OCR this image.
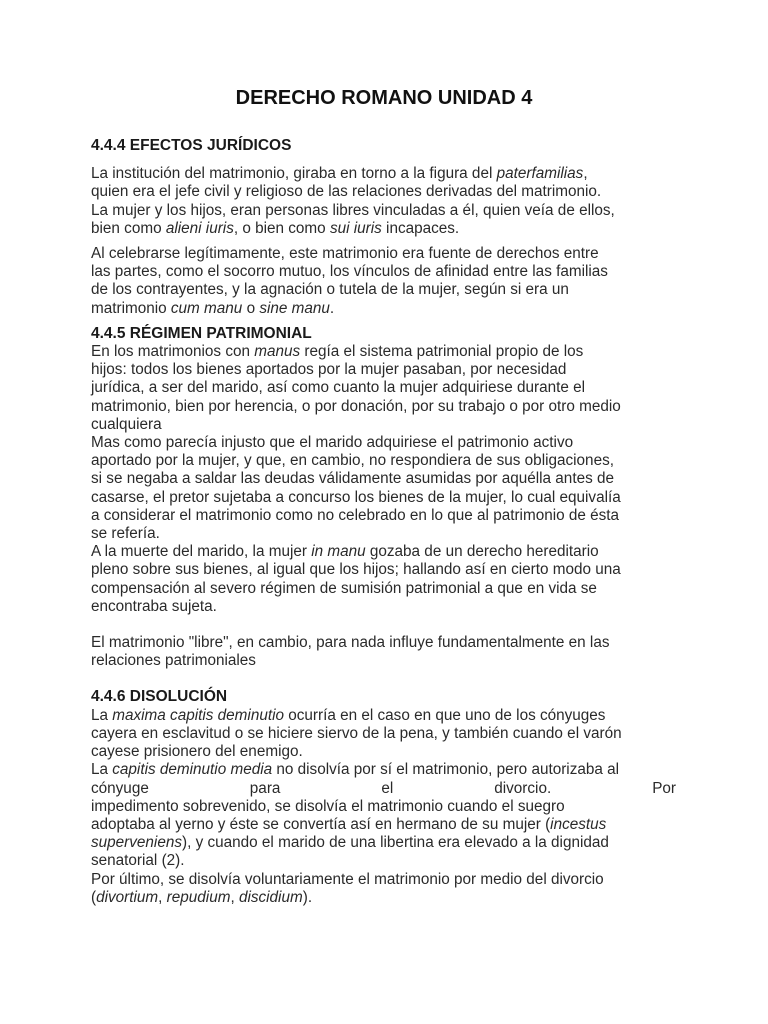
DERECHO ROMANO UNIDAD 4
4.4.4 EFECTOS JURÍDICOS

La institución del matrimonio, giraba en torno a la figura del paterfamilias,
quien era el jefe civil y religioso de las relaciones derivadas del matrimonio.
La mujer y los hijos, eran personas libres vinculadas a él, quien veía de ellos,
bien como alieni iuris, o bien como sui iuris incapaces.

Al celebrarse legítimamente, este matrimonio era fuente de derechos entre
las partes, como el socorro mutuo, los vínculos de afinidad entre las familias
de los contrayentes, y la agnación o tutela de la mujer, según si era un
matrimonio cum manu o sine manu.

4.4.5 RÉGIMEN PATRIMONIAL

En los matrimonios con manus regía el sistema patrimonial propio de los
hijos: todos los bienes aportados por la mujer pasaban, por necesidad
jurídica, a ser del marido, así como cuanto la mujer adquiriese durante el
matrimonio, bien por herencia, o por donación, por su trabajo o por otro medio
cualquiera

Mas como parecía injusto que el marido adquiriese el patrimonio activo
aportado por la mujer, y que, en cambio, no respondiera de sus obligaciones,
si se negaba a saldar las deudas válidamente asumidas por aquélla antes de
casarse, el pretor sujetaba a concurso los bienes de la mujer, lo cual equivalía
a considerar el matrimonio como no celebrado en lo que al patrimonio de ésta
se refería.

A la muerte del marido, la mujer in manu gozaba de un derecho hereditario
pleno sobre sus bienes, al igual que los hijos; hallando así en cierto modo una
compensación al severo régimen de sumisión patrimonial a que en vida se
encontraba sujeta.

El matrimonio "libre", en cambio, para nada influye fundamentalmente en las
relaciones patrimoniales

4.4.6 DISOLUCIÓN

La maxima capitis deminutio ocurría en el caso en que uno de los cónyuges
cayera en esclavitud o se hiciere siervo de la pena, y también cuando el varón
cayese prisionero del enemigo.

La capitis deminutio media no disolvía por sí el matrimonio, pero autorizaba al
cónyuge para el divorcio.	Por
impedimento sobrevenido, se disolvía el matrimonio cuando el suegro
adoptaba al yerno y éste se convertía así en hermano de su mujer (incestus
superveniens), y cuando el marido de una libertina era elevado a la dignidad
senatorial (2).

Por último, se disolvía voluntariamente el matrimonio por medio del divorcio
(divortium, repudium, discidium).
